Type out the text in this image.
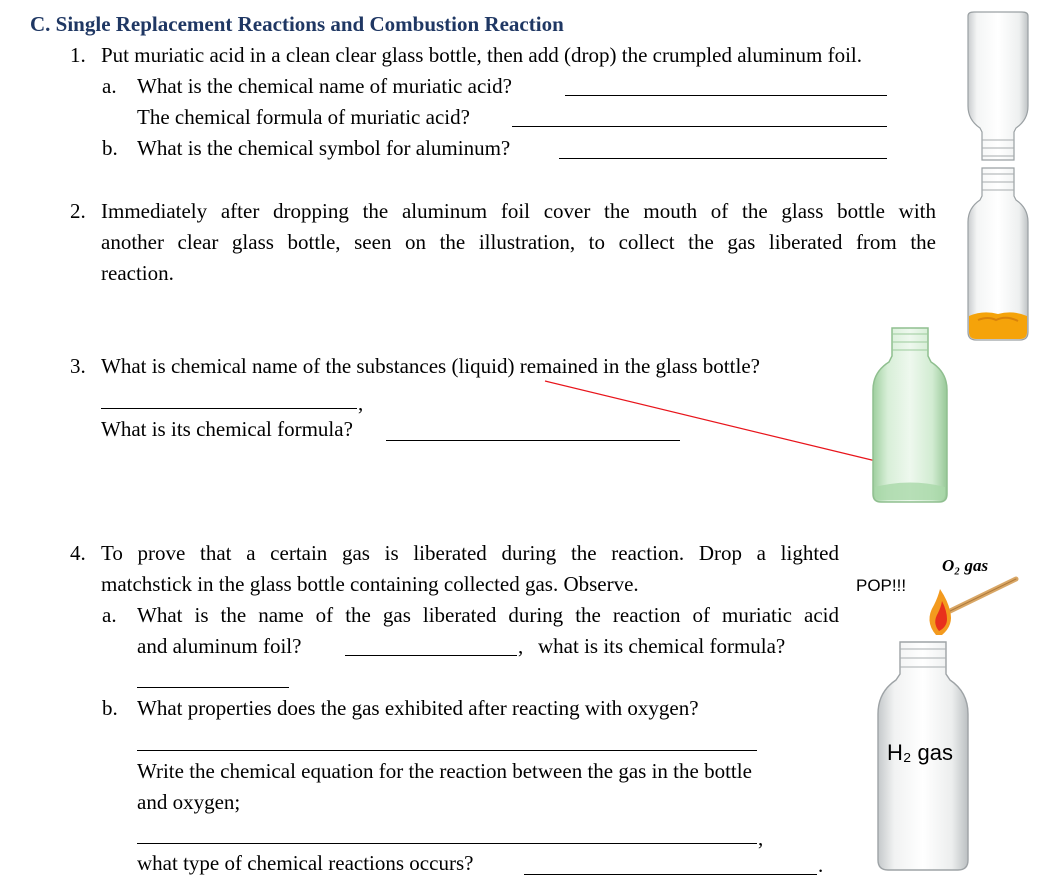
C. Single Replacement Reactions and Combustion Reaction
1. Put muriatic acid in a clean clear glass bottle, then add (drop) the crumpled aluminum foil.
a. What is the chemical name of muriatic acid?
The chemical formula of muriatic acid?
b. What is the chemical symbol for aluminum?
2. Immediately after dropping the aluminum foil cover the mouth of the glass bottle with
another clear glass bottle, seen on the illustration, to collect the gas liberated from the
reaction.
3. What is chemical name of the substances (liquid) remained in the glass bottle?
,
What is its chemical formula?
4. To prove that a certain gas is liberated during the reaction. Drop a lighted
matchstick in the glass bottle containing collected gas. Observe.
a. What is the name of the gas liberated during the reaction of muriatic acid
and aluminum foil?	, what is its chemical formula?
b. What properties does the gas exhibited after reacting with oxygen?
Write the chemical equation for the reaction between the gas in the bottle
and oxygen;
,
what type of chemical reactions occurs?	.
POP!!!
O₂ gas
H₂ gas
